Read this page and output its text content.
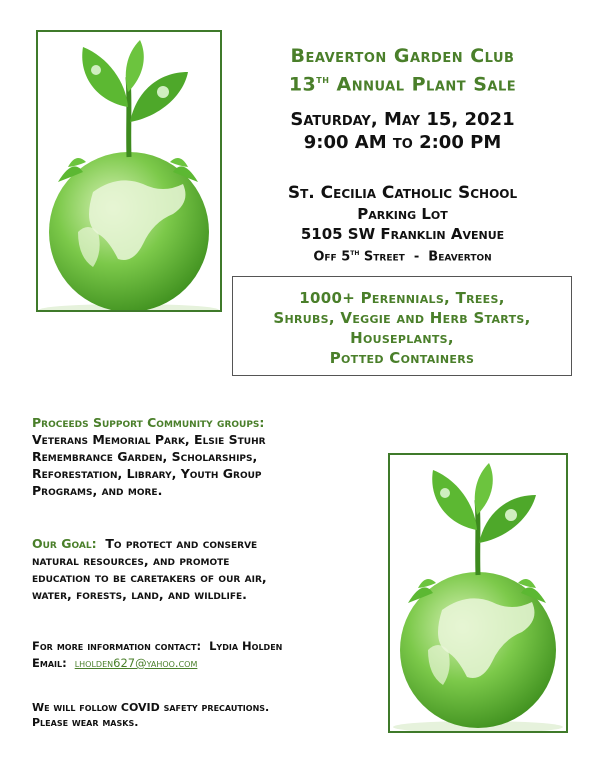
Beaverton Garden Club
13th Annual Plant Sale
Saturday, May 15, 2021
9:00 AM to 2:00 PM
St. Cecilia Catholic School
Parking Lot
5105 SW Franklin Avenue
Off 5th Street  -  Beaverton
1000+ Perennials, Trees,
Shrubs, Veggie and Herb Starts,
Houseplants,
Potted Containers
Proceeds Support Community groups:
Veterans Memorial Park, Elsie Stuhr
Remembrance Garden, Scholarships,
Reforestation, Library, Youth Group
Programs, and more.
Our Goal: To protect and conserve
natural resources, and promote
education to be caretakers of our air,
water, forests, land, and wildlife.
For more information contact:  Lydia Holden
Email: lholden627@yahoo.com
We will follow COVID safety precautions.
Please wear masks.
